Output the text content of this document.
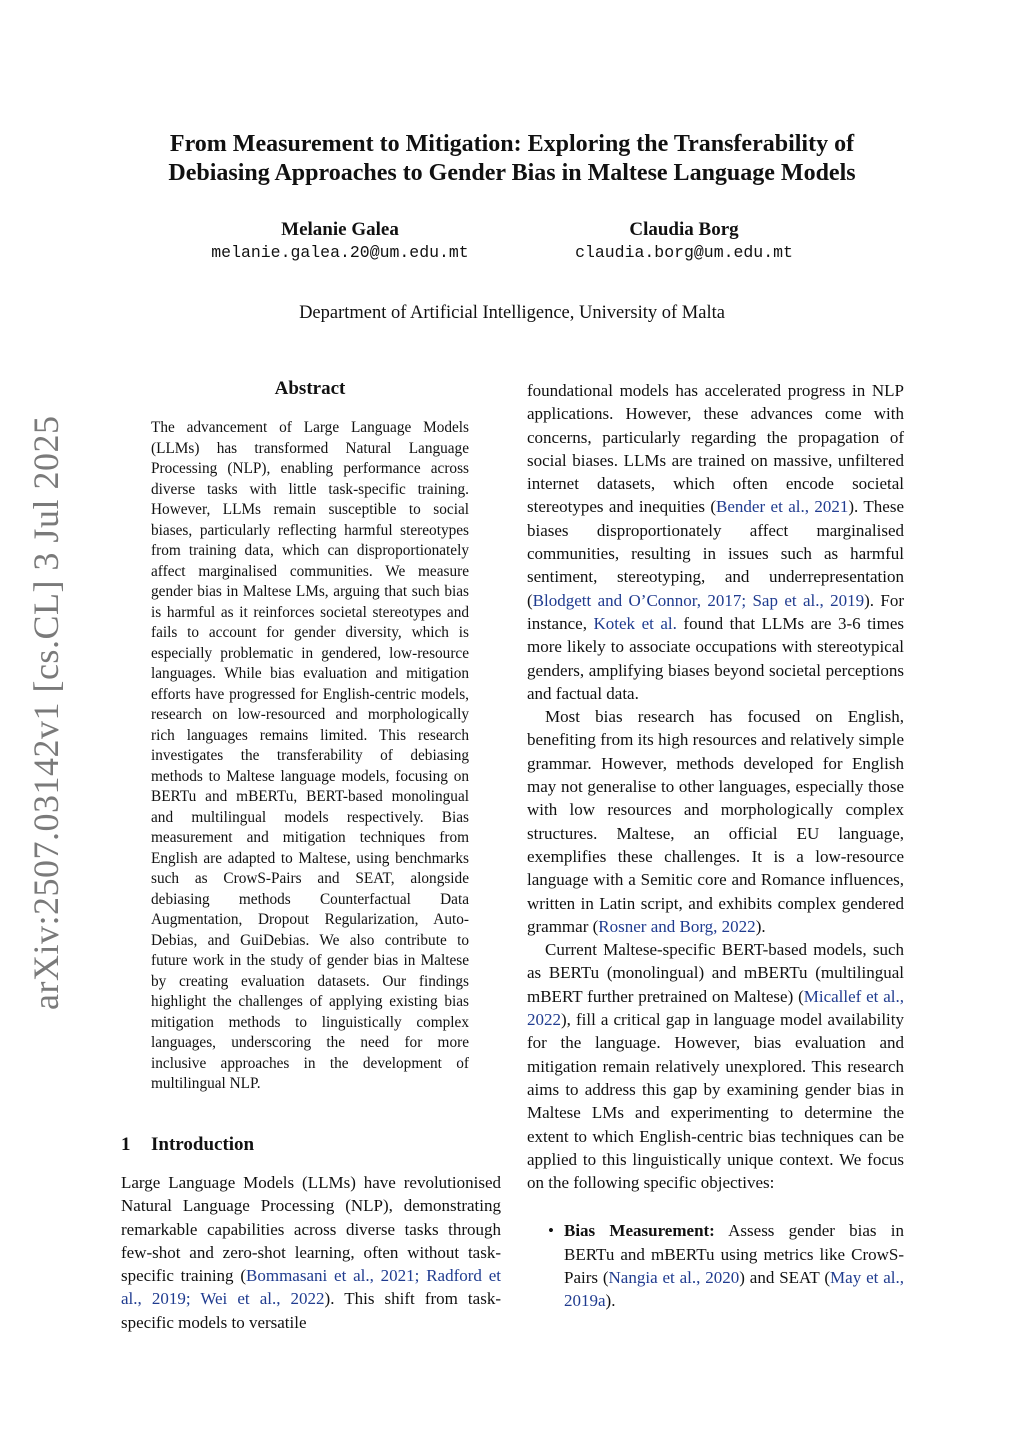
arXiv:2507.03142v1 [cs.CL] 3 Jul 2025
From Measurement to Mitigation: Exploring the Transferability of
Debiasing Approaches to Gender Bias in Maltese Language Models
Melanie Galea
melanie.galea.20@um.edu.mt
Claudia Borg
claudia.borg@um.edu.mt
Department of Artificial Intelligence, University of Malta
Abstract
The advancement of Large Language Models (LLMs) has transformed Natural Language Processing (NLP), enabling performance across diverse tasks with little task-specific training. However, LLMs remain susceptible to social biases, particularly reflecting harmful stereotypes from training data, which can disproportionately affect marginalised communities. We measure gender bias in Maltese LMs, arguing that such bias is harmful as it reinforces societal stereotypes and fails to account for gender diversity, which is especially problematic in gendered, low-resource languages. While bias evaluation and mitigation efforts have progressed for English-centric models, research on low-resourced and morphologically rich languages remains limited. This research investigates the transferability of debiasing methods to Maltese language models, focusing on BERTu and mBERTu, BERT-based monolingual and multilingual models respectively. Bias measurement and mitigation techniques from English are adapted to Maltese, using benchmarks such as CrowS-Pairs and SEAT, alongside debiasing methods Counterfactual Data Augmentation, Dropout Regularization, Auto-Debias, and GuiDebias. We also contribute to future work in the study of gender bias in Maltese by creating evaluation datasets. Our findings highlight the challenges of applying existing bias mitigation methods to linguistically complex languages, underscoring the need for more inclusive approaches in the development of multilingual NLP.
1 Introduction
Large Language Models (LLMs) have revolutionised Natural Language Processing (NLP), demonstrating remarkable capabilities across diverse tasks through few-shot and zero-shot learning, often without task-specific training (Bommasani et al., 2021; Radford et al., 2019; Wei et al., 2022). This shift from task-specific models to versatile

foundational models has accelerated progress in NLP applications. However, these advances come with concerns, particularly regarding the propagation of social biases. LLMs are trained on massive, unfiltered internet datasets, which often encode societal stereotypes and inequities (Bender et al., 2021). These biases disproportionately affect marginalised communities, resulting in issues such as harmful sentiment, stereotyping, and underrepresentation (Blodgett and O’Connor, 2017; Sap et al., 2019). For instance, Kotek et al. found that LLMs are 3-6 times more likely to associate occupations with stereotypical genders, amplifying biases beyond societal perceptions and factual data.

Most bias research has focused on English, benefiting from its high resources and relatively simple grammar. However, methods developed for English may not generalise to other languages, especially those with low resources and morphologically complex structures. Maltese, an official EU language, exemplifies these challenges. It is a low-resource language with a Semitic core and Romance influences, written in Latin script, and exhibits complex gendered grammar (Rosner and Borg, 2022).

Current Maltese-specific BERT-based models, such as BERTu (monolingual) and mBERTu (multilingual mBERT further pretrained on Maltese) (Micallef et al., 2022), fill a critical gap in language model availability for the language. However, bias evaluation and mitigation remain relatively unexplored. This research aims to address this gap by examining gender bias in Maltese LMs and experimenting to determine the extent to which English-centric bias techniques can be applied to this linguistically unique context. We focus on the following specific objectives:

• Bias Measurement: Assess gender bias in BERTu and mBERTu using metrics like CrowS-Pairs (Nangia et al., 2020) and SEAT (May et al., 2019a).
